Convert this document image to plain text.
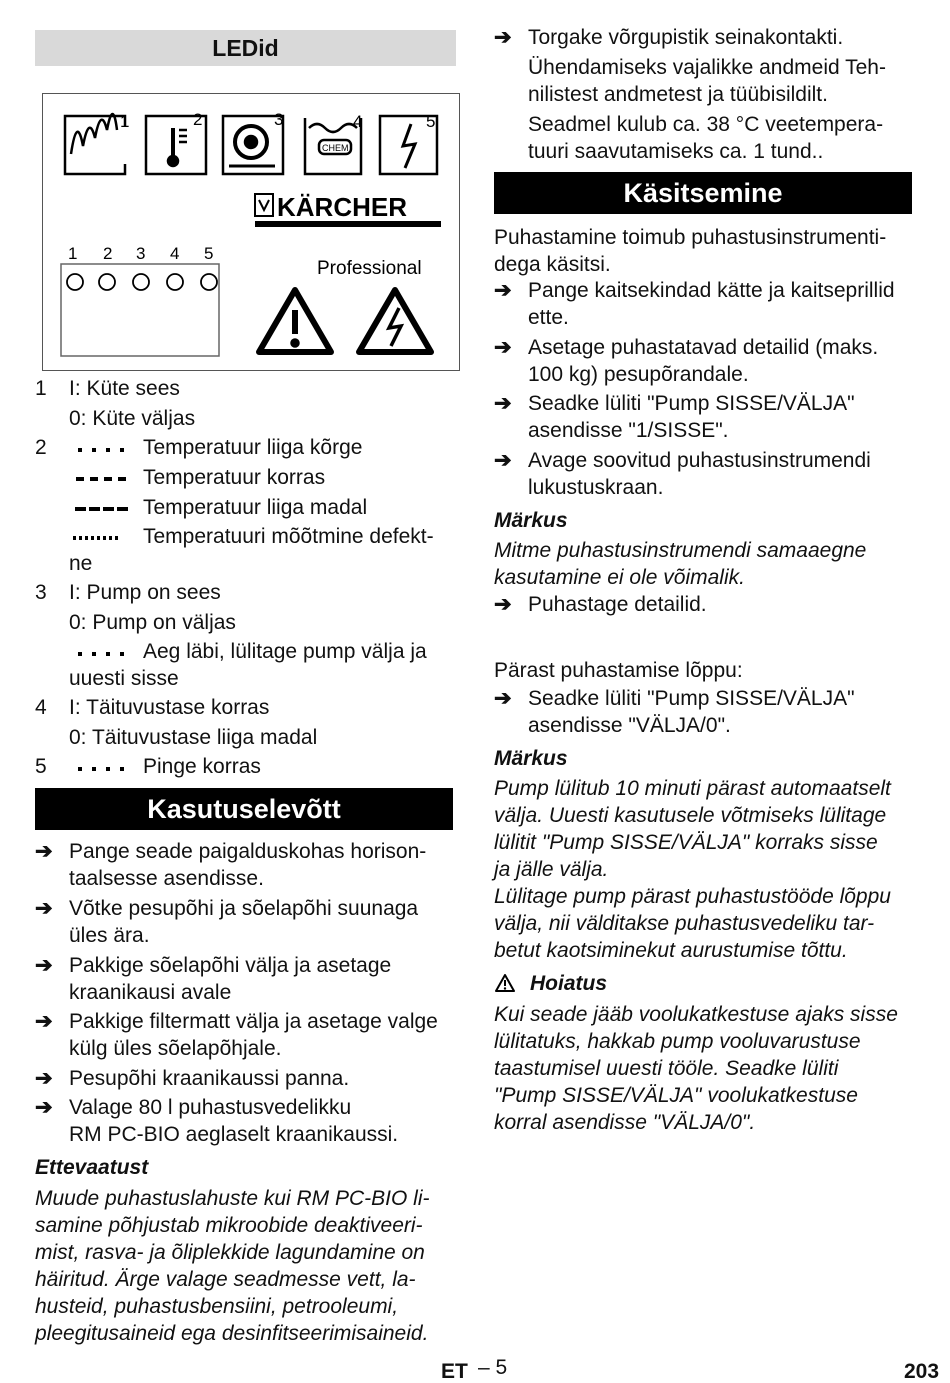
LEDid
1	2	3	4	5
CHEM
KÄRCHER
Professional
1 2 3 4 5
1 I: Küte sees
0: Küte väljas
2	Temperatuur liiga kõrge
Temperatuur korras
Temperatuur liiga madal
Temperatuuri mõõtmine defekt-
ne
3 I: Pump on sees
0: Pump on väljas
Aeg läbi, lülitage pump välja ja
uuesti sisse
4 I: Täituvustase korras
0: Täituvustase liiga madal
5	Pinge korras
Kasutuselevõtt
➔ Pange seade paigalduskohas horison-
taalsesse asendisse.
➔ Võtke pesupõhi ja sõelapõhi suunaga
üles ära.
➔ Pakkige sõelapõhi välja ja asetage
kraanikausi avale
➔ Pakkige filtermatt välja ja asetage valge
külg üles sõelapõhjale.
➔ Pesupõhi kraanikaussi panna.
➔ Valage 80 l puhastusvedelikku
RM PC-BIO aeglaselt kraanikaussi.
Ettevaatust
Muude puhastuslahuste kui RM PC-BIO li-
samine põhjustab mikroobide deaktiveeri-
mist, rasva- ja õliplekkide lagundamine on
häiritud. Ärge valage seadmesse vett, la-
husteid, puhastusbensiini, petrooleumi,
pleegitusaineid ega desinfitseerimisaineid.
➔ Torgake võrgupistik seinakontakti.
Ühendamiseks vajalikke andmeid Teh-
nilistest andmetest ja tüübisildilt.
Seadmel kulub ca. 38 °C veetempera-
tuuri saavutamiseks ca. 1 tund..
Käsitsemine
Puhastamine toimub puhastusinstrumenti-
dega käsitsi.
➔ Pange kaitsekindad kätte ja kaitseprillid
ette.
➔ Asetage puhastatavad detailid (maks.
100 kg) pesupõrandale.
➔ Seadke lüliti "Pump SISSE/VÄLJA"
asendisse "1/SISSE".
➔ Avage soovitud puhastusinstrumendi
lukustuskraan.
Märkus
Mitme puhastusinstrumendi samaaegne
kasutamine ei ole võimalik.
➔ Puhastage detailid.
Pärast puhastamise lõppu:
➔ Seadke lüliti "Pump SISSE/VÄLJA"
asendisse "VÄLJA/0".
Märkus
Pump lülitub 10 minuti pärast automaatselt
välja. Uuesti kasutusele võtmiseks lülitage
lülitit "Pump SISSE/VÄLJA" korraks sisse
ja jälle välja.
Lülitage pump pärast puhastustööde lõppu
välja, nii välditakse puhastusvedeliku tar-
betut kaotsiminekut aurustumise tõttu.
Hoiatus
Kui seade jääb voolukatkestuse ajaks sisse
lülitatuks, hakkab pump vooluvarustuse
taastumisel uuesti tööle. Seadke lüliti
"Pump SISSE/VÄLJA" voolukatkestuse
korral asendisse "VÄLJA/0".
ET – 5	203
